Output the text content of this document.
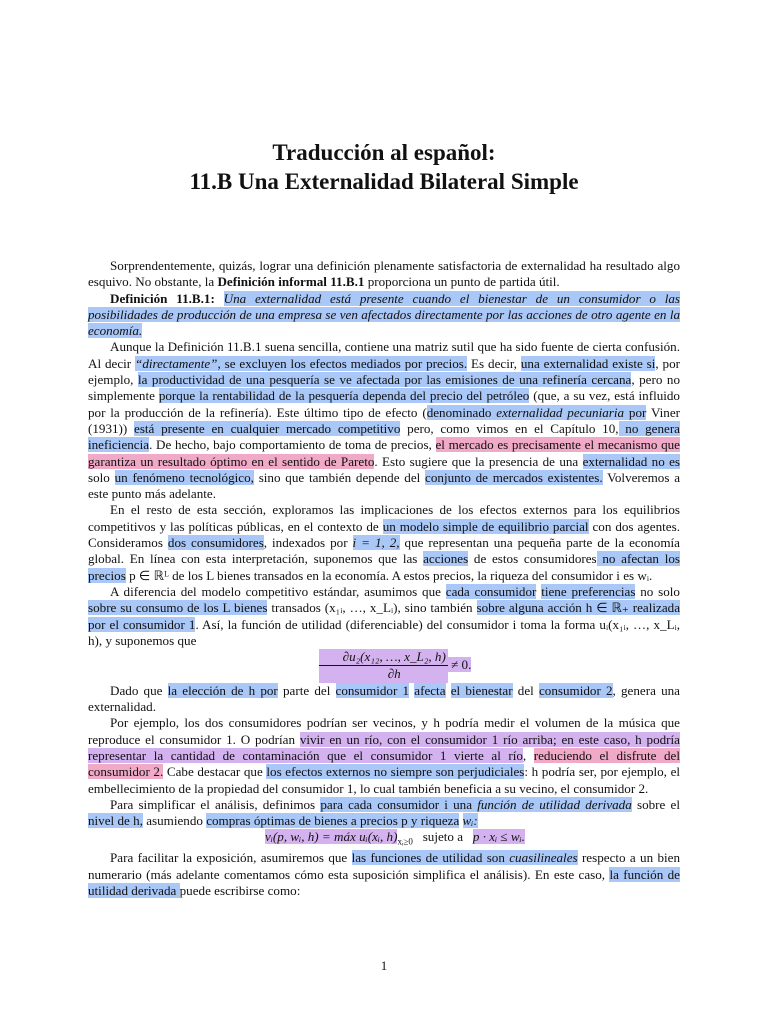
Traducción al español:
11.B Una Externalidad Bilateral Simple

Sorprendentemente, quizás, lograr una definición plenamente satisfactoria de externalidad ha resultado algo esquivo. No obstante, la Definición informal 11.B.1 proporciona un punto de partida útil.

Definición 11.B.1: Una externalidad está presente cuando el bienestar de un consumidor o las posibilidades de producción de una empresa se ven afectados directamente por las acciones de otro agente en la economía.

Aunque la Definición 11.B.1 suena sencilla, contiene una matriz sutil que ha sido fuente de cierta confusión. Al decir “directamente”, se excluyen los efectos mediados por precios. Es decir, una externalidad existe si, por ejemplo, la productividad de una pesquería se ve afectada por las emisiones de una refinería cercana, pero no simplemente porque la rentabilidad de la pesquería dependa del precio del petróleo (que, a su vez, está influido por la producción de la refinería). Este último tipo de efecto (denominado externalidad pecuniaria por Viner (1931)) está presente en cualquier mercado competitivo pero, como vimos en el Capítulo 10, no genera ineficiencia. De hecho, bajo comportamiento de toma de precios, el mercado es precisamente el mecanismo que garantiza un resultado óptimo en el sentido de Pareto. Esto sugiere que la presencia de una externalidad no es solo un fenómeno tecnológico, sino que también depende del conjunto de mercados existentes. Volveremos a este punto más adelante.

En el resto de esta sección, exploramos las implicaciones de los efectos externos para los equilibrios competitivos y las políticas públicas, en el contexto de un modelo simple de equilibrio parcial con dos agentes. Consideramos dos consumidores, indexados por i = 1, 2, que representan una pequeña parte de la economía global. En línea con esta interpretación, suponemos que las acciones de estos consumidores no afectan los precios p ∈ ℝᴸ de los L bienes transados en la economía. A estos precios, la riqueza del consumidor i es wᵢ.

A diferencia del modelo competitivo estándar, asumimos que cada consumidor tiene preferencias no solo sobre su consumo de los L bienes transados (x₁ᵢ, …, x_Lᵢ), sino también sobre alguna acción h ∈ ℝ₊ realizada por el consumidor 1. Así, la función de utilidad (diferenciable) del consumidor i toma la forma uᵢ(x₁ᵢ, …, x_Lᵢ, h), y suponemos que

$\frac{\text{∂u₂(x₁₂, …, x\_L₂, h)}}{\partial h} \ne 0$.

Dado que la elección de h por parte del consumidor 1 afecta el bienestar del consumidor 2, genera una externalidad.

Por ejemplo, los dos consumidores podrían ser vecinos, y h podría medir el volumen de la música que reproduce el consumidor 1. O podrían vivir en un río, con el consumidor 1 río arriba; en este caso, h podría representar la cantidad de contaminación que el consumidor 1 vierte al río, reduciendo el disfrute del consumidor 2. Cabe destacar que los efectos externos no siempre son perjudiciales: h podría ser, por ejemplo, el embellecimiento de la propiedad del consumidor 1, lo cual también beneficia a su vecino, el consumidor 2.

Para simplificar el análisis, definimos para cada consumidor i una función de utilidad derivada sobre el nivel de h, asumiendo compras óptimas de bienes a precios p y riqueza wᵢ:

vᵢ(p, wᵢ, h) = máx uᵢ(xᵢ, $h)_{xᵢ\ge 0}$ sujeto a p · xᵢ ≤ wᵢ.

Para facilitar la exposición, asumiremos que las funciones de utilidad son cuasilineales respecto a un bien numerario (más adelante comentamos cómo esta suposición simplifica el análisis). En este caso, la función de utilidad derivada puede escribirse como:

1
